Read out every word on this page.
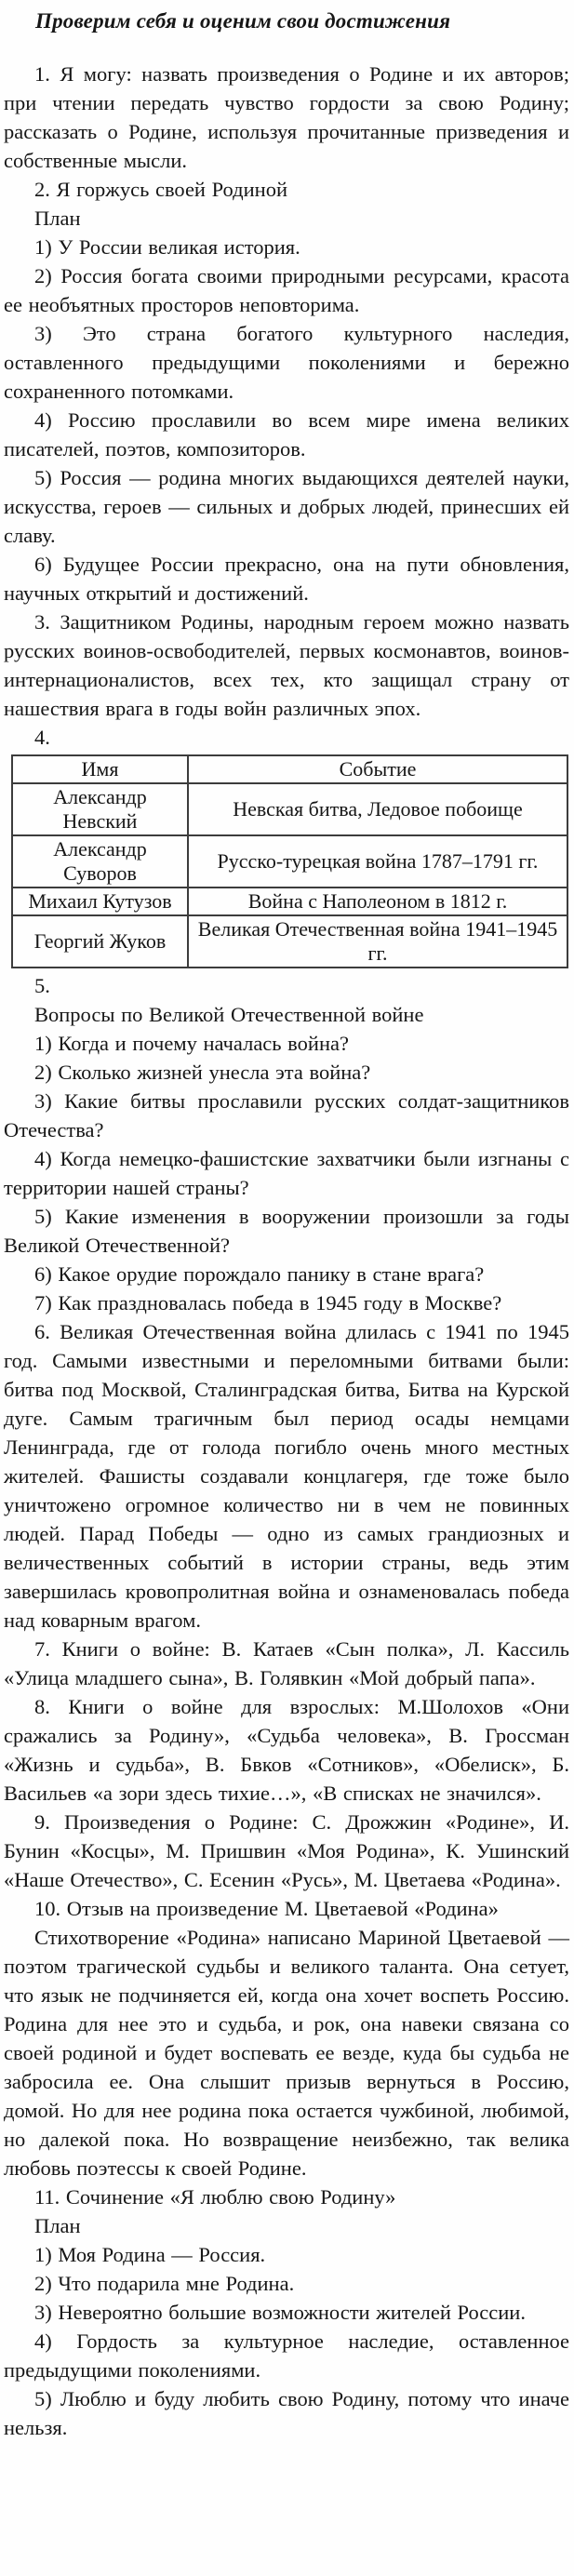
Проверим себя и оценим свои достижения

1. Я могу: назвать произведения о Родине и их авторов; при чтении передать чувство гордости за свою Родину; рассказать о Родине, используя прочитанные призведения и собственные мысли.

2. Я горжусь своей Родиной

План

1) У России великая история.

2) Россия богата своими природными ресурсами, красота ее необъятных просторов неповторима.

3) Это страна богатого культурного наследия, оставленного предыдущими поколениями и бережно сохраненного потомками.

4) Россию прославили во всем мире имена великих писателей, поэтов, композиторов.

5) Россия — родина многих выдающихся деятелей науки, искусства, героев — сильных и добрых людей, принесших ей славу.

6) Будущее России прекрасно, она на пути обновления, научных открытий и достижений.

3. Защитником Родины, народным героем можно назвать русских воинов-освободителей, первых космонавтов, воинов-интернационалистов, всех тех, кто защищал страну от нашествия врага в годы войн различных эпох.

4.

Имя	Событие
Александр Невский	Невская битва, Ледовое побоище
Александр Суворов	Русско-турецкая война 1787–1791 гг.
Михаил Кутузов	Война с Наполеоном в 1812 г.
Георгий Жуков	Великая Отечественная война 1941–1945 гг.

5.

Вопросы по Великой Отечественной войне

1) Когда и почему началась война?

2) Сколько жизней унесла эта война?

3) Какие битвы прославили русских солдат-защитников Отечества?

4) Когда немецко-фашистские захватчики были изгнаны с территории нашей страны?

5) Какие изменения в вооружении произошли за годы Великой Отечественной?

6) Какое орудие порождало панику в стане врага?

7) Как праздновалась победа в 1945 году в Москве?

6. Великая Отечественная война длилась с 1941 по 1945 год. Самыми известными и переломными битвами были: битва под Москвой, Сталинградская битва, Битва на Курской дуге. Самым трагичным был период осады немцами Ленинграда, где от голода погибло очень много местных жителей. Фашисты создавали концлагеря, где тоже было уничтожено огромное количество ни в чем не повинных людей. Парад Победы — одно из самых грандиозных и величественных событий в истории страны, ведь этим завершилась кровопролитная война и ознаменовалась победа над коварным врагом.

7. Книги о войне: В. Катаев «Сын полка», Л. Кассиль «Улица младшего сына», В. Голявкин «Мой добрый папа».

8. Книги о войне для взрослых: М.Шолохов «Они сражались за Родину», «Судьба человека», В. Гроссман «Жизнь и судьба», В. Бвков «Сотников», «Обелиск», Б. Васильев «а зори здесь тихие…», «В списках не значился».

9. Произведения о Родине: С. Дрожжин «Родине», И. Бунин «Косцы», М. Пришвин «Моя Родина», К. Ушинский «Наше Отечество», С. Есенин «Русь», М. Цветаева «Родина».

10. Отзыв на произведение М. Цветаевой «Родина»

Стихотворение «Родина» написано Мариной Цветаевой — поэтом трагической судьбы и великого таланта. Она сетует, что язык не подчиняется ей, когда она хочет воспеть Россию. Родина для нее это и судьба, и рок, она навеки связана со своей родиной и будет воспевать ее везде, куда бы судьба не забросила ее. Она слышит призыв вернуться в Россию, домой. Но для нее родина пока остается чужбиной, любимой, но далекой пока. Но возвращение неизбежно, так велика любовь поэтессы к своей Родине.

11. Сочинение «Я люблю свою Родину»

План

1) Моя Родина — Россия.

2) Что подарила мне Родина.

3) Невероятно большие возможности жителей России.

4) Гордость за культурное наследие, оставленное предыдущими поколениями.

5) Люблю и буду любить свою Родину, потому что иначе нельзя.
